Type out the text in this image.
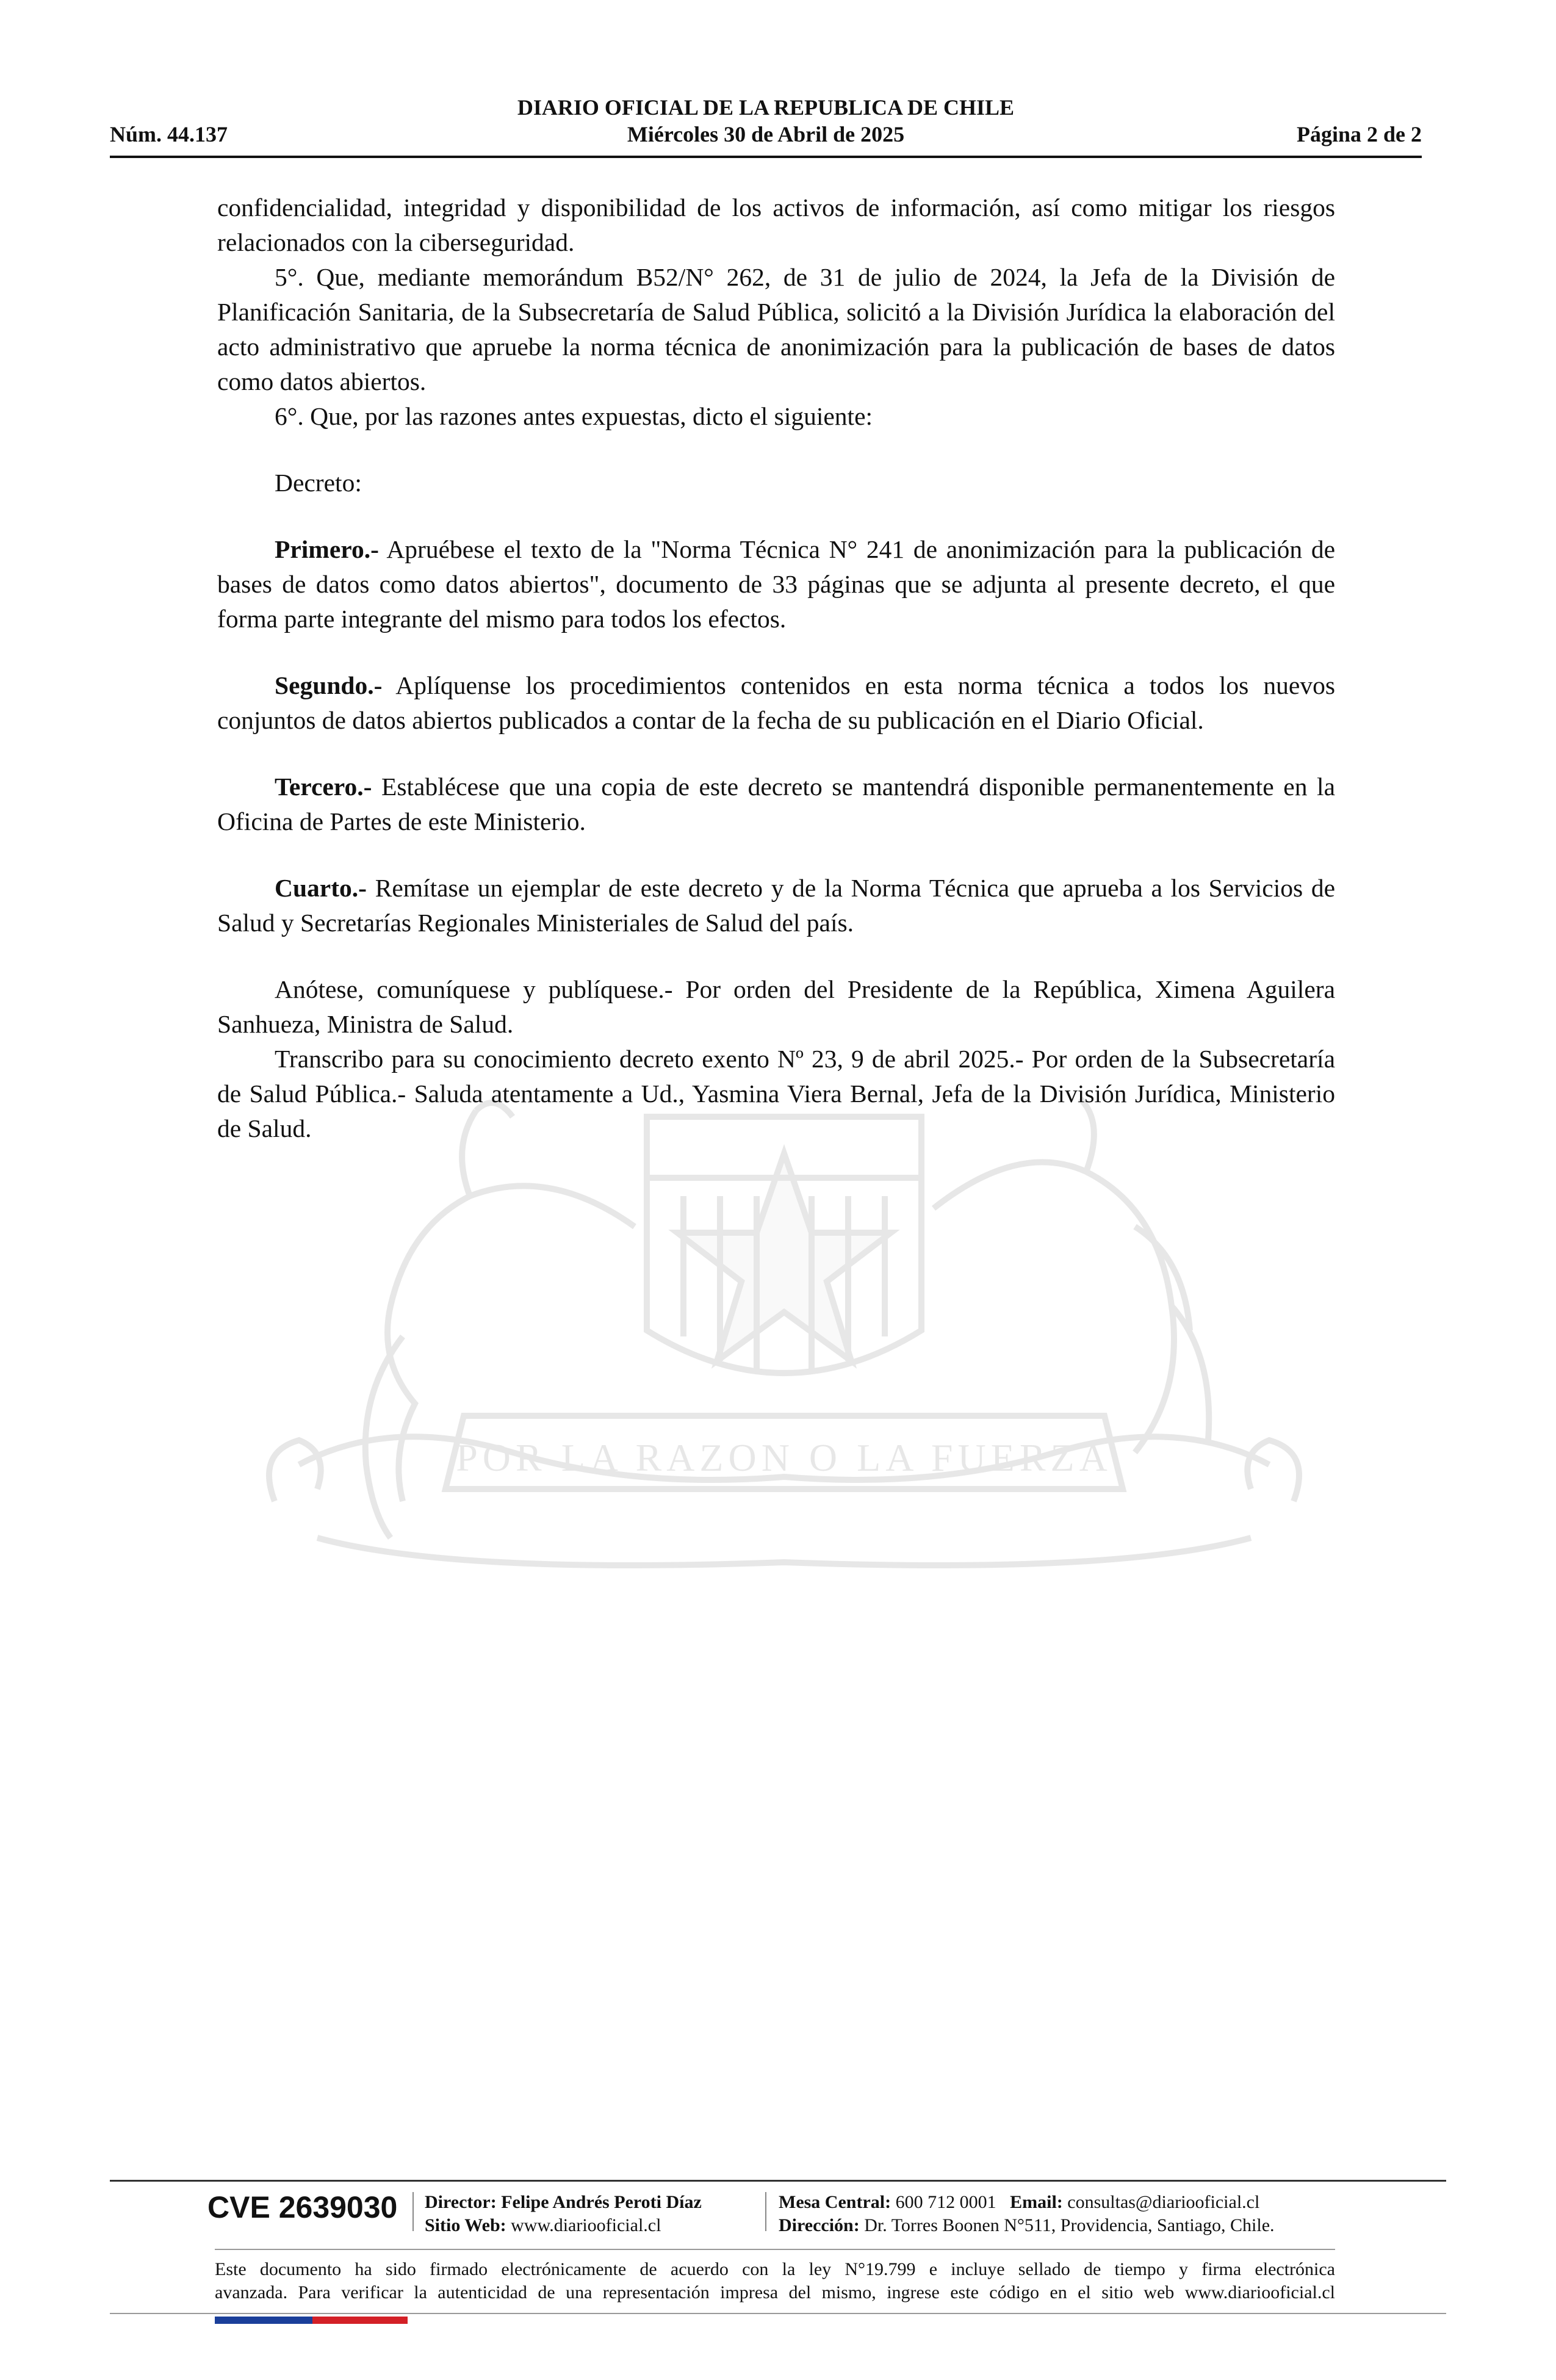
DIARIO OFICIAL DE LA REPUBLICA DE CHILE
Núm. 44.137	Miércoles 30 de Abril de 2025	Página 2 de 2
POR LA RAZON O LA FUERZA

confidencialidad, integridad y disponibilidad de los activos de información, así como mitigar los riesgos relacionados con la ciberseguridad.

5°. Que, mediante memorándum B52/N° 262, de 31 de julio de 2024, la Jefa de la División de Planificación Sanitaria, de la Subsecretaría de Salud Pública, solicitó a la División Jurídica la elaboración del acto administrativo que apruebe la norma técnica de anonimización para la publicación de bases de datos como datos abiertos.

6°. Que, por las razones antes expuestas, dicto el siguiente:

Decreto:

Primero.- Apruébese el texto de la "Norma Técnica N° 241 de anonimización para la publicación de bases de datos como datos abiertos", documento de 33 páginas que se adjunta al presente decreto, el que forma parte integrante del mismo para todos los efectos.

Segundo.- Aplíquense los procedimientos contenidos en esta norma técnica a todos los nuevos conjuntos de datos abiertos publicados a contar de la fecha de su publicación en el Diario Oficial.

Tercero.- Establécese que una copia de este decreto se mantendrá disponible permanentemente en la Oficina de Partes de este Ministerio.

Cuarto.- Remítase un ejemplar de este decreto y de la Norma Técnica que aprueba a los Servicios de Salud y Secretarías Regionales Ministeriales de Salud del país.

Anótese, comuníquese y publíquese.- Por orden del Presidente de la República, Ximena Aguilera Sanhueza, Ministra de Salud.

Transcribo para su conocimiento decreto exento Nº 23, 9 de abril 2025.- Por orden de la Subsecretaría de Salud Pública.- Saluda atentamente a Ud., Yasmina Viera Bernal, Jefa de la División Jurídica, Ministerio de Salud.

CVE 2639030 Director: Felipe Andrés Peroti Díaz
Sitio Web: www.diariooficial.cl
Mesa Central: 600 712 0001 Email: consultas@diariooficial.cl
Dirección: Dr. Torres Boonen N°511, Providencia, Santiago, Chile.
Este documento ha sido firmado electrónicamente de acuerdo con la ley N°19.799 e incluye sellado de tiempo y firma electrónica
avanzada. Para verificar la autenticidad de una representación impresa del mismo, ingrese este código en el sitio web www.diariooficial.cl
